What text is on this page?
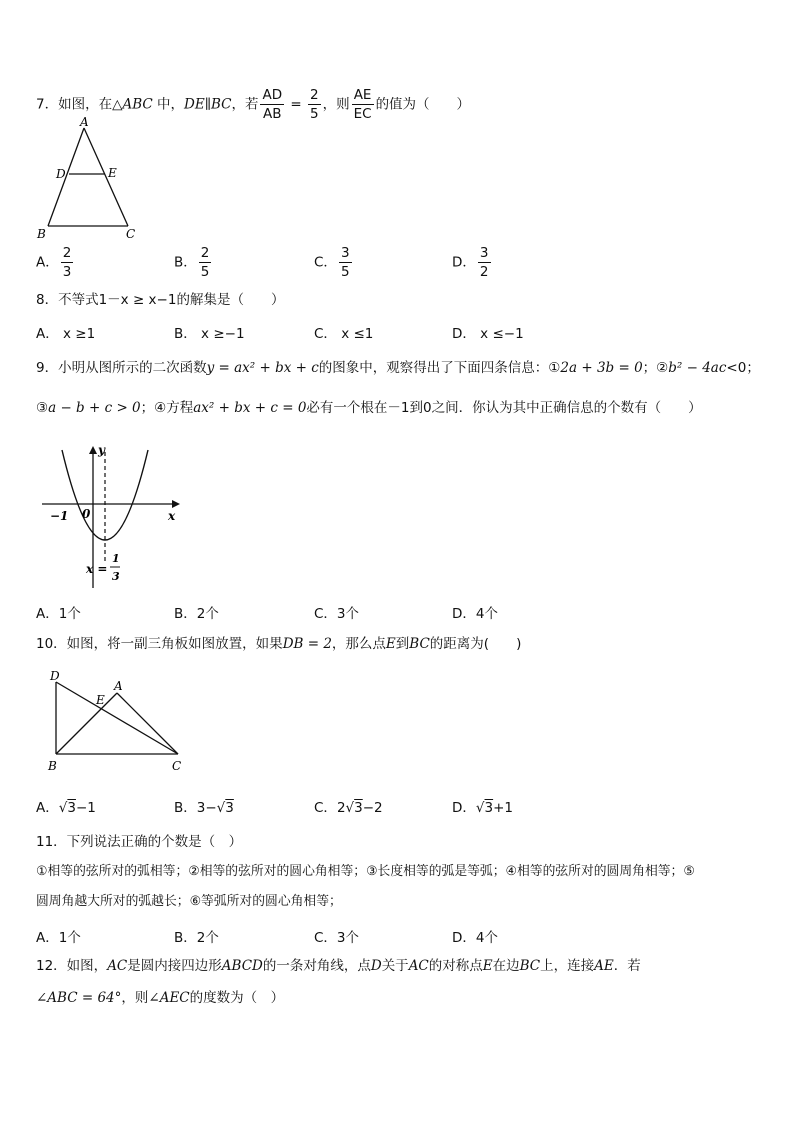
7．如图，在△ABC 中，DE∥BC，若 $\frac{AD}{AB} = \frac{2}{5}$ ，则 $\frac{AE}{EC}$ 的值为（　　）
A
D	E
B	C
A． $\frac{2}{3}$	B． $\frac{2}{5}$	C． $\frac{3}{5}$	D． $\frac{3}{2}$
8．不等式1－x ≥ x−1的解集是（　　）
A． x ≥1	B． x ≥−1	C． x ≤1	D． x ≤−1
9．小明从图所示的二次函数y = ax² + bx + c的图象中，观察得出了下面四条信息：①2a + 3b = 0；②b² − 4ac<0；
③a − b + c > 0；④方程ax² + bx + c = 0必有一个根在－1到0之间．你认为其中正确信息的个数有（　　）
y
x
−1 0
x =
1
3
A．1个	B．2个	C．3个	D．4个
10．如图，将一副三角板如图放置，如果DB = 2，那么点E到BC的距离为(　　)
D
A
E
B	C
A．√3−1	B．3−√3	C．2√3−2	D．√3+1
11．下列说法正确的个数是（　）
①相等的弦所对的弧相等；②相等的弦所对的圆心角相等；③长度相等的弧是等弧；④相等的弦所对的圆周角相等；⑤
圆周角越大所对的弧越长；⑥等弧所对的圆心角相等；
A．1个	B．2个	C．3个	D．4个
12．如图，AC是圆内接四边形ABCD的一条对角线，点D关于AC的对称点E在边BC上，连接AE．若
∠ABC = 64°，则∠AEC的度数为（　）
